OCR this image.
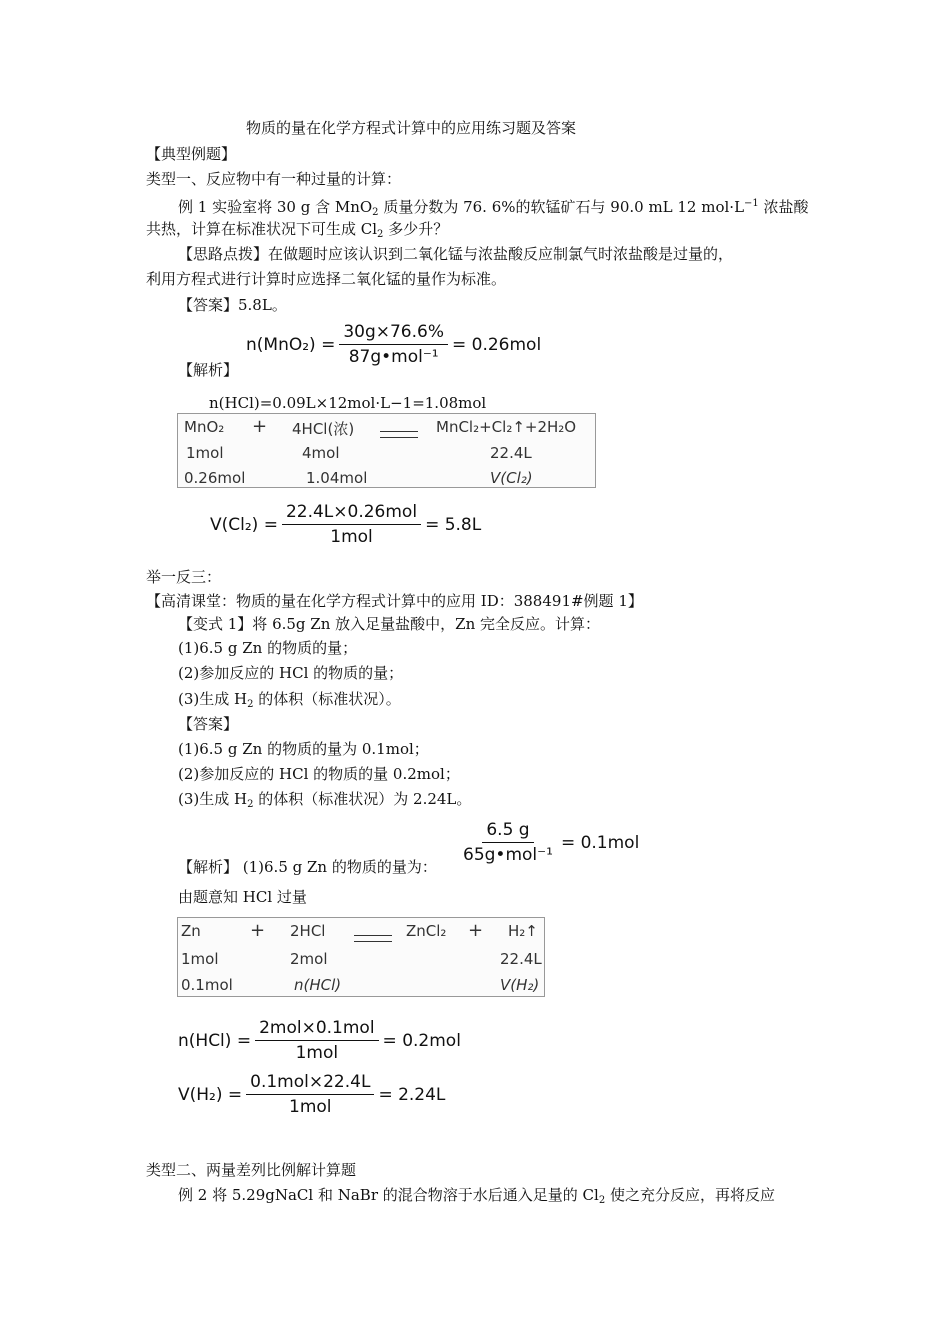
物质的量在化学方程式计算中的应用练习题及答案
【典型例题】
类型一、反应物中有一种过量的计算：
例 1 实验室将 30 g 含 MnO$_2$ 质量分数为 76. 6%的软锰矿石与 90.0 mL 12 $mol\cdot L^{-1}$ 浓盐酸
共热，计算在标准状况下可生成 $Cl_2$ 多少升？
【思路点拨】在做题时应该认识到二氧化锰与浓盐酸反应制氯气时浓盐酸是过量的，
利用方程式进行计算时应选择二氧化锰的量作为标准。
【答案】5.8L。
$n(MnO_2) = \frac{30g\times 76.6\%}{\text{87g•mol⁻¹}} = 0.26mol$
【解析】
n(HCl)=0.09L×12mol·L−1=1.08mol
MnO₂ + 4HCl(浓)	MnCl₂+Cl₂↑+2H₂O
1mol	4mol	22.4L
0.26mol	1.04mol	V(Cl₂)
$V(Cl_2) = \frac{\text{22.4L×0.26mol}}{\text{1mol}} = 5.8L$
举一反三：
【高清课堂：物质的量在化学方程式计算中的应用 ID：388491#例题 1】
【变式 1】将 6.5g Zn 放入足量盐酸中，Zn 完全反应。计算：
(1)6.5 g Zn 的物质的量；
(2)参加反应的 HCl 的物质的量；
(3)生成 $H_2$ 的体积（标准状况）。
【答案】
(1)6.5 g Zn 的物质的量为 0.1mol；
(2)参加反应的 HCl 的物质的量 0.2mol；
(3)生成 $H_2$ 的体积（标准状况）为 2.24L。
【解析】 (1)6.5 g Zn 的物质的量为：
$\frac{6.5 g}{\text{65g•mol⁻¹}} = 0.1mol$
由题意知 HCl 过量
Zn	+ 2HCl	ZnCl₂ + H₂↑
1mol	2mol	22.4L
0.1mol	n(HCl)	V(H₂)
$n(HCl) = \frac{\text{2mol×0.1mol}}{\text{1mol}} = 0.2mol$
$V(H_2) = \frac{\text{0.1mol×22.4L}}{\text{1mol}} = 2.24L$
类型二、两量差列比例解计算题
例 2 将 5.29gNaCl 和 NaBr 的混合物溶于水后通入足量的 $Cl_2$ 使之充分反应，再将反应
